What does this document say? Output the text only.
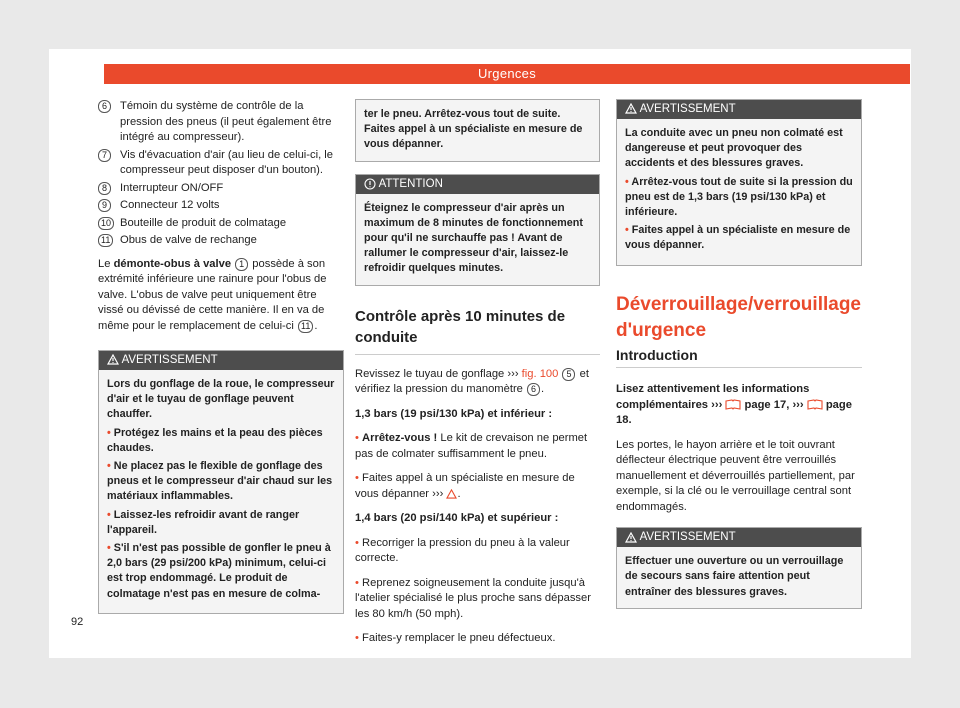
Urgences
6	Témoin du système de contrôle de la pression des pneus (il peut également être intégré au compresseur).
7	Vis d'évacuation d'air (au lieu de celui-ci, le compresseur peut disposer d'un bouton).
8	Interrupteur ON/OFF
9	Connecteur 12 volts
10 Bouteille de produit de colmatage
11 Obus de valve de rechange

Le démonte-obus à valve 1 possède à son extrémité inférieure une rainure pour l'obus de valve. L'obus de valve peut uniquement être vissé ou dévissé de cette manière. Il en va de même pour le remplacement de celui-ci 11 .

AVERTISSEMENT
Lors du gonflage de la roue, le compresseur d'air et le tuyau de gonflage peuvent chauffer.
• Protégez les mains et la peau des pièces chaudes.
• Ne placez pas le flexible de gonflage des pneus et le compresseur d'air chaud sur les matériaux inflammables.
• Laissez-les refroidir avant de ranger l'appareil.
• S'il n'est pas possible de gonfler le pneu à 2,0 bars (29 psi/200 kPa) minimum, celui-ci est trop endommagé. Le produit de colmatage n'est pas en mesure de colma-
ter le pneu. Arrêtez-vous tout de suite. Faites appel à un spécialiste en mesure de vous dépanner.
ATTENTION
Éteignez le compresseur d'air après un maximum de 8 minutes de fonctionnement pour qu'il ne surchauffe pas ! Avant de rallumer le compresseur d'air, laissez-le refroidir quelques minutes.
Contrôle après 10 minutes de conduite

Revissez le tuyau de gonflage ››› fig. 100 5 et vérifiez la pression du manomètre 6 .

1,3 bars (19 psi/130 kPa) et inférieur :

• Arrêtez-vous ! Le kit de crevaison ne permet pas de colmater suffisamment le pneu.

• Faites appel à un spécialiste en mesure de vous dépanner ››› .

1,4 bars (20 psi/140 kPa) et supérieur :

• Recorriger la pression du pneu à la valeur correcte.

• Reprenez soigneusement la conduite jusqu'à l'atelier spécialisé le plus proche sans dépasser les 80 km/h (50 mph).

• Faites-y remplacer le pneu défectueux.

AVERTISSEMENT
La conduite avec un pneu non colmaté est dangereuse et peut provoquer des accidents et des blessures graves.
• Arrêtez-vous tout de suite si la pression du pneu est de 1,3 bars (19 psi/130 kPa) et inférieure.
• Faites appel à un spécialiste en mesure de vous dépanner.
Déverrouillage/verrouillage d'urgence
Introduction

Lisez attentivement les informations complémentaires ››› page 17, ››› page 18.

Les portes, le hayon arrière et le toit ouvrant déflecteur électrique peuvent être verrouillés manuellement et déverrouillés partiellement, par exemple, si la clé ou le verrouillage central sont endommagés.

AVERTISSEMENT
Effectuer une ouverture ou un verrouillage de secours sans faire attention peut entraîner des blessures graves.
92
